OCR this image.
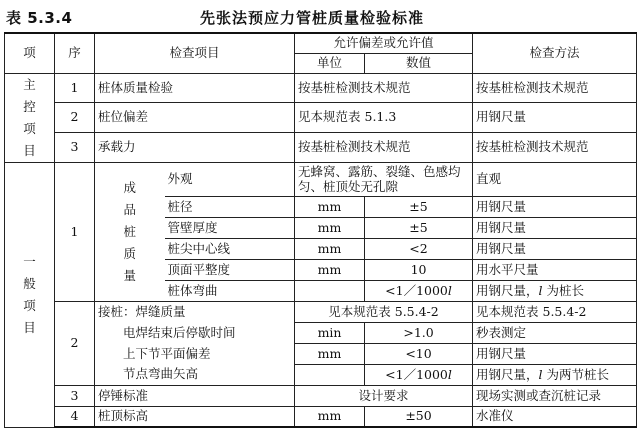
表 5.3.4	先张法预应力管桩质量检验标准
项	序	检查项目		允许偏差或允许值		检查方法
				单位	数值	
主
控
项
目	1	桩体质量检验		按基桩检测技术规范		按基桩检测技术规范
	2	桩位偏差		见本规范表 5.1.3		用钢尺量
	3	承载力		按基桩检测技术规范		按基桩检测技术规范
一
般
项
目	1	成
品
桩
质
量	外观	无蜂窝、露筋、裂缝、色感均匀、桩顶处无孔隙		直观
			桩径	mm	±5	用钢尺量
			管壁厚度	mm	±5	用钢尺量
			桩尖中心线	mm	<2	用钢尺量
			顶面平整度	mm	10	用水平尺量
			桩体弯曲		<1／1000l	用钢尺量，l 为桩长
	2	接桩：焊缝质量		见本规范表 5.5.4-2		见本规范表 5.5.4-2
		电焊结束后停歇时间		min	>1.0	秒表测定
		上下节平面偏差		mm	<10	用钢尺量
		节点弯曲矢高			<1／1000l	用钢尺量，l 为两节桩长
	3	停锤标准		设计要求		现场实测或查沉桩记录
	4	桩顶标高		mm	±50	水准仪
